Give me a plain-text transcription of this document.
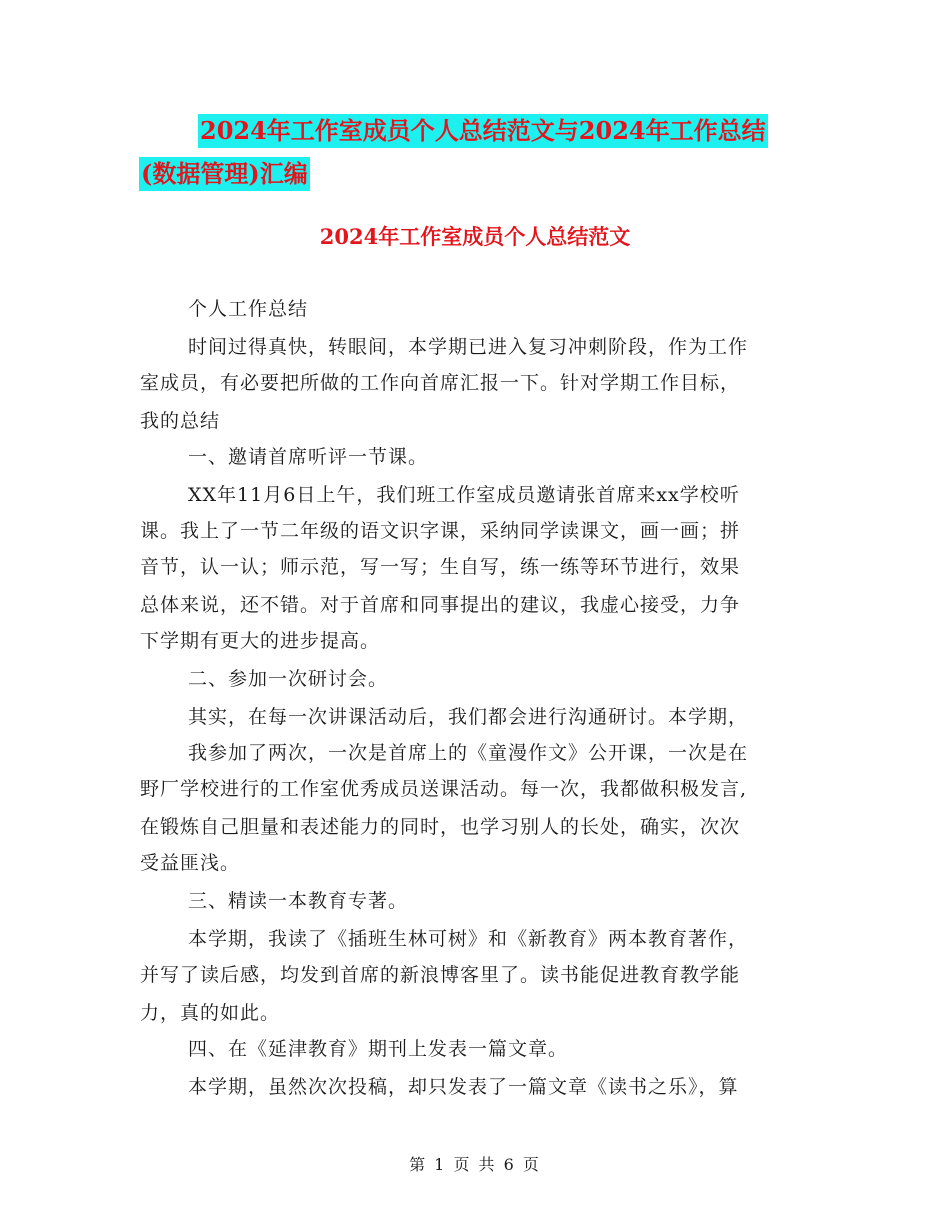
2024年工作室成员个人总结范文与2024年工作总结
(数据管理)汇编
2024年工作室成员个人总结范文
个人工作总结
时间过得真快，转眼间，本学期已进入复习冲刺阶段，作为工作
室成员，有必要把所做的工作向首席汇报一下。针对学期工作目标，
我的总结
一、邀请首席听评一节课。
XX年11月6日上午，我们班工作室成员邀请张首席来xx学校听
课。我上了一节二年级的语文识字课，采纳同学读课文，画一画；拼
音节，认一认；师示范，写一写；生自写，练一练等环节进行，效果
总体来说，还不错。对于首席和同事提出的建议，我虚心接受，力争
下学期有更大的进步提高。
二、参加一次研讨会。
其实，在每一次讲课活动后，我们都会进行沟通研讨。本学期，
我参加了两次，一次是首席上的《童漫作文》公开课，一次是在
野厂学校进行的工作室优秀成员送课活动。每一次，我都做积极发言,
在锻炼自己胆量和表述能力的同时，也学习别人的长处，确实，次次
受益匪浅。
三、精读一本教育专著。
本学期，我读了《插班生林可树》和《新教育》两本教育著作，
并写了读后感，均发到首席的新浪博客里了。读书能促进教育教学能
力，真的如此。
四、在《延津教育》期刊上发表一篇文章。
本学期，虽然次次投稿，却只发表了一篇文章《读书之乐》，算
第 1 页 共 6 页
